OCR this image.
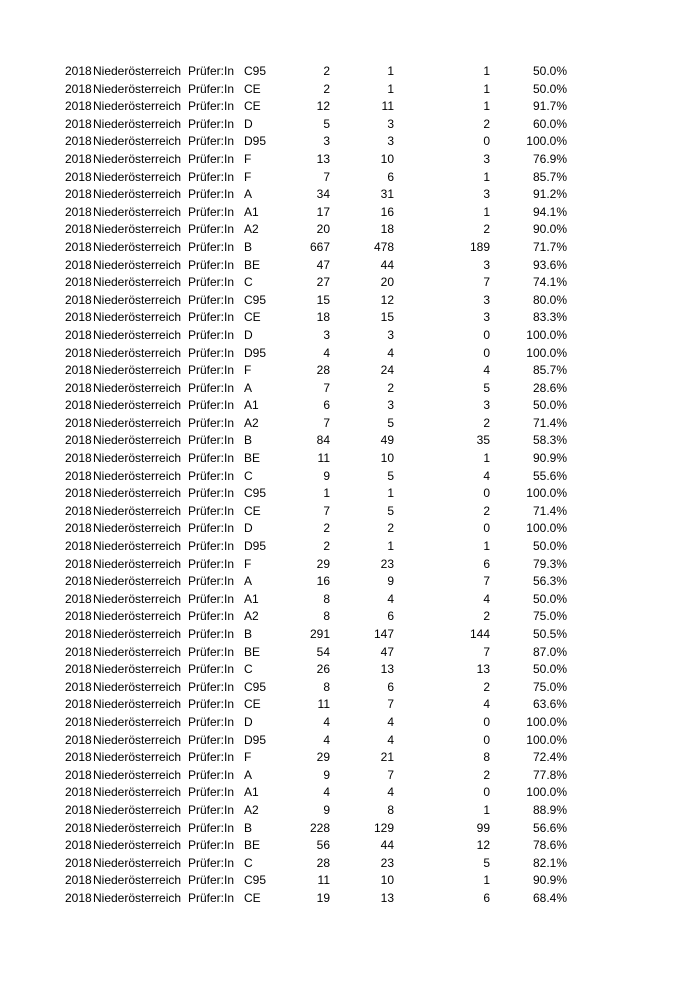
2018 Niederösterreich Prüfer:In C95	2	1	1	50.0%
2018 Niederösterreich Prüfer:In CE	2	1	1	50.0%
2018 Niederösterreich Prüfer:In CE	12	11	1	91.7%
2018 Niederösterreich Prüfer:In D	5	3	2	60.0%
2018 Niederösterreich Prüfer:In D95	3	3	0	100.0%
2018 Niederösterreich Prüfer:In F	13	10	3	76.9%
2018 Niederösterreich Prüfer:In F	7	6	1	85.7%
2018 Niederösterreich Prüfer:In A	34	31	3	91.2%
2018 Niederösterreich Prüfer:In A1	17	16	1	94.1%
2018 Niederösterreich Prüfer:In A2	20	18	2	90.0%
2018 Niederösterreich Prüfer:In B	667	478	189	71.7%
2018 Niederösterreich Prüfer:In BE	47	44	3	93.6%
2018 Niederösterreich Prüfer:In C	27	20	7	74.1%
2018 Niederösterreich Prüfer:In C95	15	12	3	80.0%
2018 Niederösterreich Prüfer:In CE	18	15	3	83.3%
2018 Niederösterreich Prüfer:In D	3	3	0	100.0%
2018 Niederösterreich Prüfer:In D95	4	4	0	100.0%
2018 Niederösterreich Prüfer:In F	28	24	4	85.7%
2018 Niederösterreich Prüfer:In A	7	2	5	28.6%
2018 Niederösterreich Prüfer:In A1	6	3	3	50.0%
2018 Niederösterreich Prüfer:In A2	7	5	2	71.4%
2018 Niederösterreich Prüfer:In B	84	49	35	58.3%
2018 Niederösterreich Prüfer:In BE	11	10	1	90.9%
2018 Niederösterreich Prüfer:In C	9	5	4	55.6%
2018 Niederösterreich Prüfer:In C95	1	1	0	100.0%
2018 Niederösterreich Prüfer:In CE	7	5	2	71.4%
2018 Niederösterreich Prüfer:In D	2	2	0	100.0%
2018 Niederösterreich Prüfer:In D95	2	1	1	50.0%
2018 Niederösterreich Prüfer:In F	29	23	6	79.3%
2018 Niederösterreich Prüfer:In A	16	9	7	56.3%
2018 Niederösterreich Prüfer:In A1	8	4	4	50.0%
2018 Niederösterreich Prüfer:In A2	8	6	2	75.0%
2018 Niederösterreich Prüfer:In B	291	147	144	50.5%
2018 Niederösterreich Prüfer:In BE	54	47	7	87.0%
2018 Niederösterreich Prüfer:In C	26	13	13	50.0%
2018 Niederösterreich Prüfer:In C95	8	6	2	75.0%
2018 Niederösterreich Prüfer:In CE	11	7	4	63.6%
2018 Niederösterreich Prüfer:In D	4	4	0	100.0%
2018 Niederösterreich Prüfer:In D95	4	4	0	100.0%
2018 Niederösterreich Prüfer:In F	29	21	8	72.4%
2018 Niederösterreich Prüfer:In A	9	7	2	77.8%
2018 Niederösterreich Prüfer:In A1	4	4	0	100.0%
2018 Niederösterreich Prüfer:In A2	9	8	1	88.9%
2018 Niederösterreich Prüfer:In B	228	129	99	56.6%
2018 Niederösterreich Prüfer:In BE	56	44	12	78.6%
2018 Niederösterreich Prüfer:In C	28	23	5	82.1%
2018 Niederösterreich Prüfer:In C95	11	10	1	90.9%
2018 Niederösterreich Prüfer:In CE	19	13	6	68.4%
